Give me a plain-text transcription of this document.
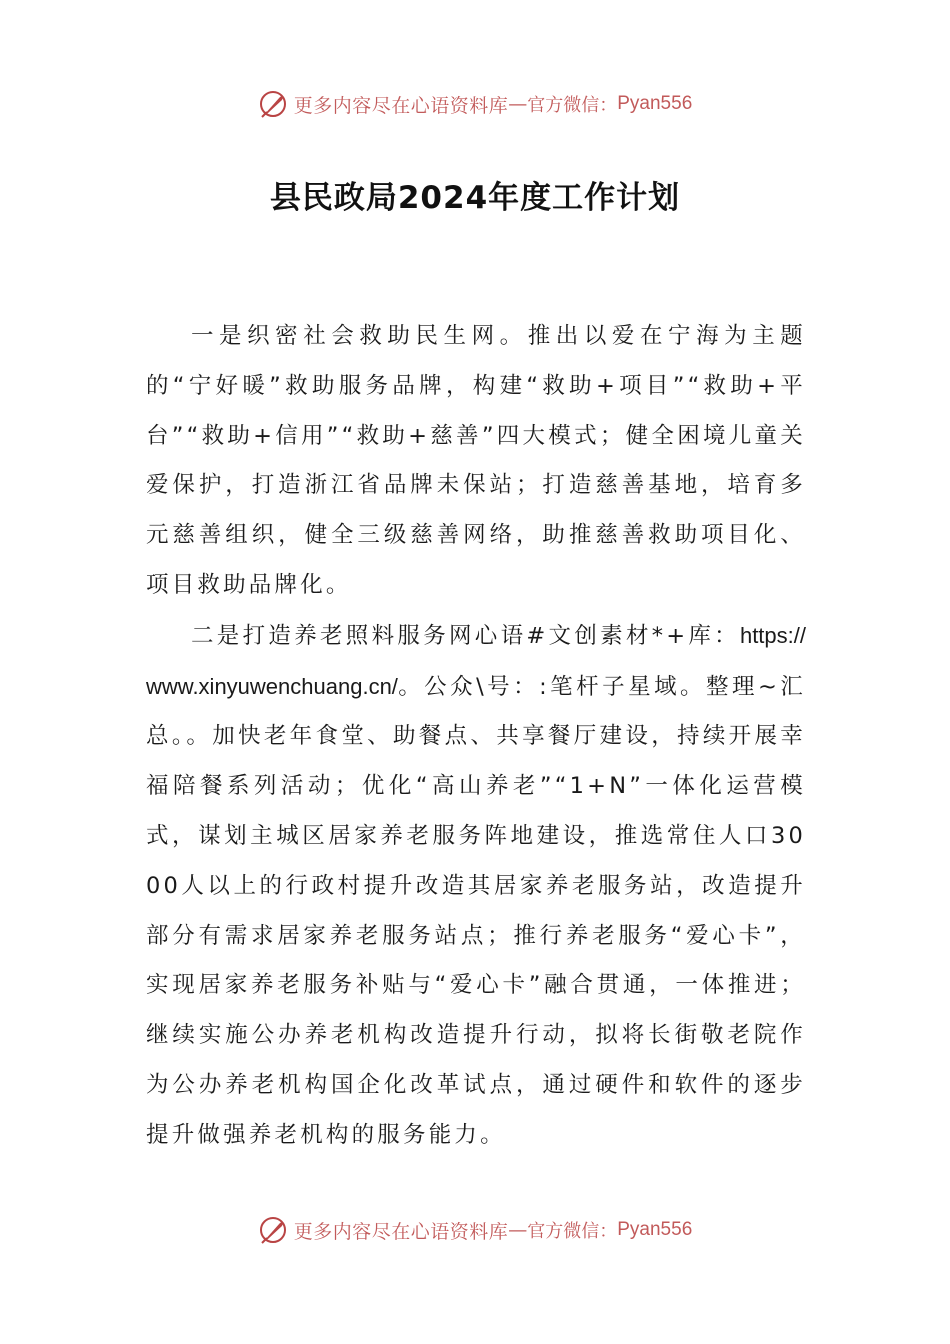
更多内容尽在心语资料库 — 官方微信： Pyan556
县民政局2024年度工作计划

一是织密社会救助民生网。推出以爱在宁海为主题的“宁好暖”救助服务品牌，构建“救助+项目”“救助+平台”“救助+信用”“救助+慈善”四大模式；健全困境儿童关爱保护，打造浙江省品牌未保站；打造慈善基地，培育多元慈善组织，健全三级慈善网络，助推慈善救助项目化、项目救助品牌化。

二是打造养老照料服务网心语#文创素材*+库：https://www.xinyuwenchuang.cn/。公众\号：:笔杆子星域。整理~汇总。。加快老年食堂、助餐点、共享餐厅建设，持续开展幸福陪餐系列活动；优化“高山养老”“1+N”一体化运营模式，谋划主城区居家养老服务阵地建设，推选常住人口3000人以上的行政村提升改造其居家养老服务站，改造提升部分有需求居家养老服务站点；推行养老服务“爱心卡”，实现居家养老服务补贴与“爱心卡”融合贯通，一体推进；继续实施公办养老机构改造提升行动，拟将长街敬老院作为公办养老机构国企化改革试点，通过硬件和软件的逐步提升做强养老机构的服务能力。

更多内容尽在心语资料库 — 官方微信： Pyan556
